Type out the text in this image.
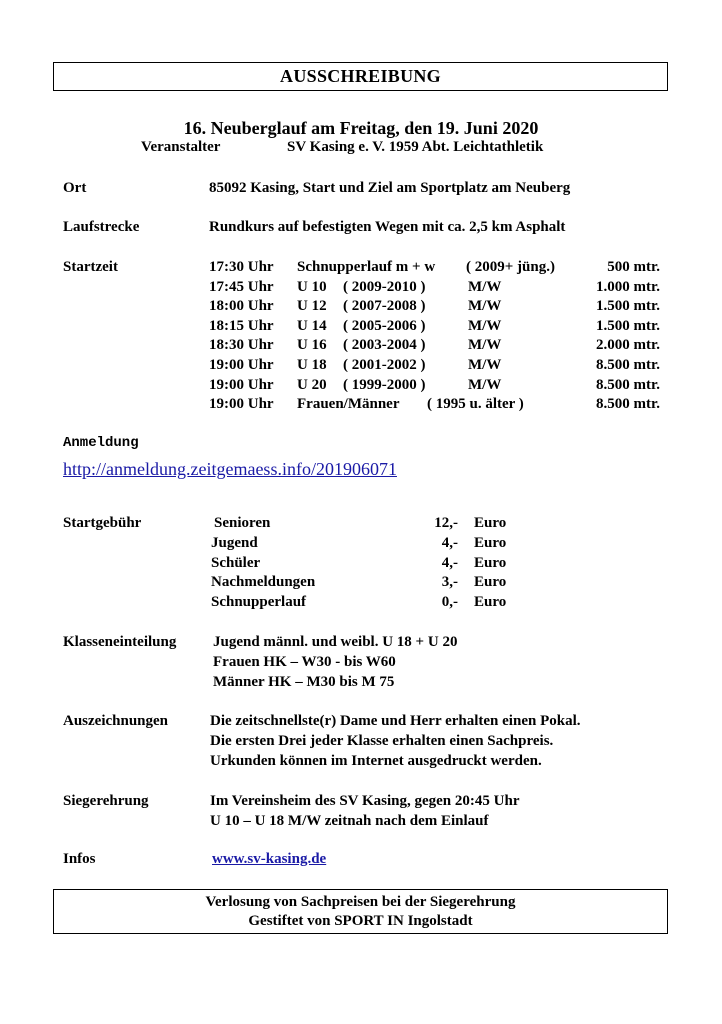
AUSSCHREIBUNG
16. Neuberglauf am Freitag, den 19. Juni 2020
Veranstalter	SV Kasing e. V. 1959 Abt. Leichtathletik
Ort	85092 Kasing, Start und Ziel am Sportplatz am Neuberg
Laufstrecke	Rundkurs auf befestigten Wegen mit ca. 2,5 km Asphalt
Startzeit	17:30 Uhr Schnupperlauf m + w ( 2009+ jüng.)	500 mtr.
17:45 Uhr U 10 ( 2009-2010 )	M/W	1.000 mtr.
18:00 Uhr U 12 ( 2007-2008 )	M/W	1.500 mtr.
18:15 Uhr U 14 ( 2005-2006 )	M/W	1.500 mtr.
18:30 Uhr U 16 ( 2003-2004 )	M/W	2.000 mtr.
19:00 Uhr U 18 ( 2001-2002 )	M/W	8.500 mtr.
19:00 Uhr U 20 ( 1999-2000 )	M/W	8.500 mtr.
19:00 Uhr Frauen/Männer ( 1995 u. älter )	8.500 mtr.
Anmeldung
http://anmeldung.zeitgemaess.info/201906071
Startgebühr	Senioren	12,- Euro
Jugend	4,- Euro
Schüler	4,- Euro
Nachmeldungen	3,- Euro
Schnupperlauf	0,- Euro
Klasseneinteilung Jugend männl. und weibl. U 18 + U 20
Frauen HK – W30 - bis W60
Männer HK – M30 bis M 75
Auszeichnungen	Die zeitschnellste(r) Dame und Herr erhalten einen Pokal.
Die ersten Drei jeder Klasse erhalten einen Sachpreis.
Urkunden können im Internet ausgedruckt werden.
Siegerehrung	Im Vereinsheim des SV Kasing, gegen 20:45 Uhr
U 10 – U 18 M/W zeitnah nach dem Einlauf
Infos	www.sv-kasing.de
Verlosung von Sachpreisen bei der Siegerehrung
Gestiftet von SPORT IN Ingolstadt
